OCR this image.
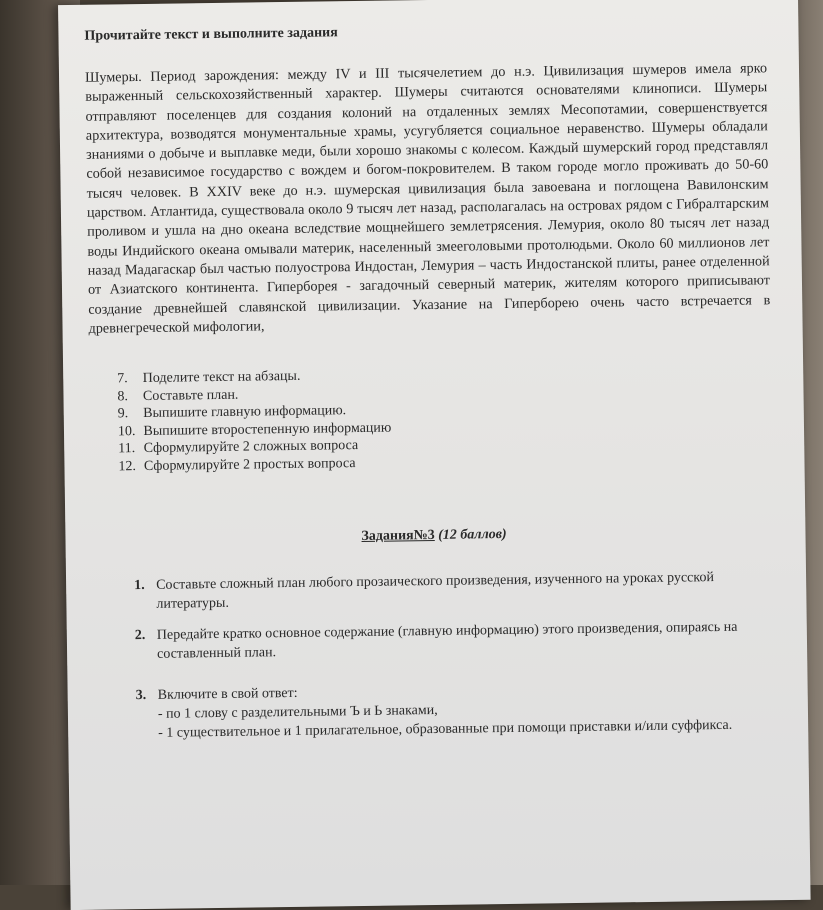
Прочитайте текст и выполните задания

Шумеры. Период зарождения: между IV и III тысячелетием до н.э. Цивилизация шумеров имела ярко выраженный сельскохозяйственный характер. Шумеры считаются основателями клинописи. Шумеры отправляют поселенцев для создания колоний на отдаленных землях Месопотамии, совершенствуется архитектура, возводятся монументальные храмы, усугубляется социальное неравенство. Шумеры обладали знаниями о добыче и выплавке меди, были хорошо знакомы с колесом. Каждый шумерский город представлял собой независимое государство с вождем и богом-покровителем. В таком городе могло проживать до 50-60 тысяч человек. В XXIV веке до н.э. шумерская цивилизация была завоевана и поглощена Вавилонским царством. Атлантида, существовала около 9 тысяч лет назад, располагалась на островах рядом с Гибралтарским проливом и ушла на дно океана вследствие мощнейшего землетрясения. Лемурия, около 80 тысяч лет назад воды Индийского океана омывали материк, населенный змееголовыми протолюдьми. Около 60 миллионов лет назад Мадагаскар был частью полуострова Индостан, Лемурия – часть Индостанской плиты, ранее отделенной от Азиатского континента. Гиперборея - загадочный северный материк, жителям которого приписывают создание древнейшей славянской цивилизации. Указание на Гиперборею очень часто встречается в древнегреческой мифологии,

7. Поделите текст на абзацы.
8. Составьте план.
9. Выпишите главную информацию.
10. Выпишите второстепенную информацию
11. Сформулируйте 2 сложных вопроса
12. Сформулируйте 2 простых вопроса
Задания№3 (12 баллов)
1. Составьте сложный план любого прозаического произведения, изученного на уроках русской литературы.
2. Передайте кратко основное содержание (главную информацию) этого произведения, опираясь на составленный план.
3. Включите в свой ответ:
- по 1 слову с разделительными Ъ и Ь знаками,
- 1 существительное и 1 прилагательное, образованные при помощи приставки и/или суффикса.
